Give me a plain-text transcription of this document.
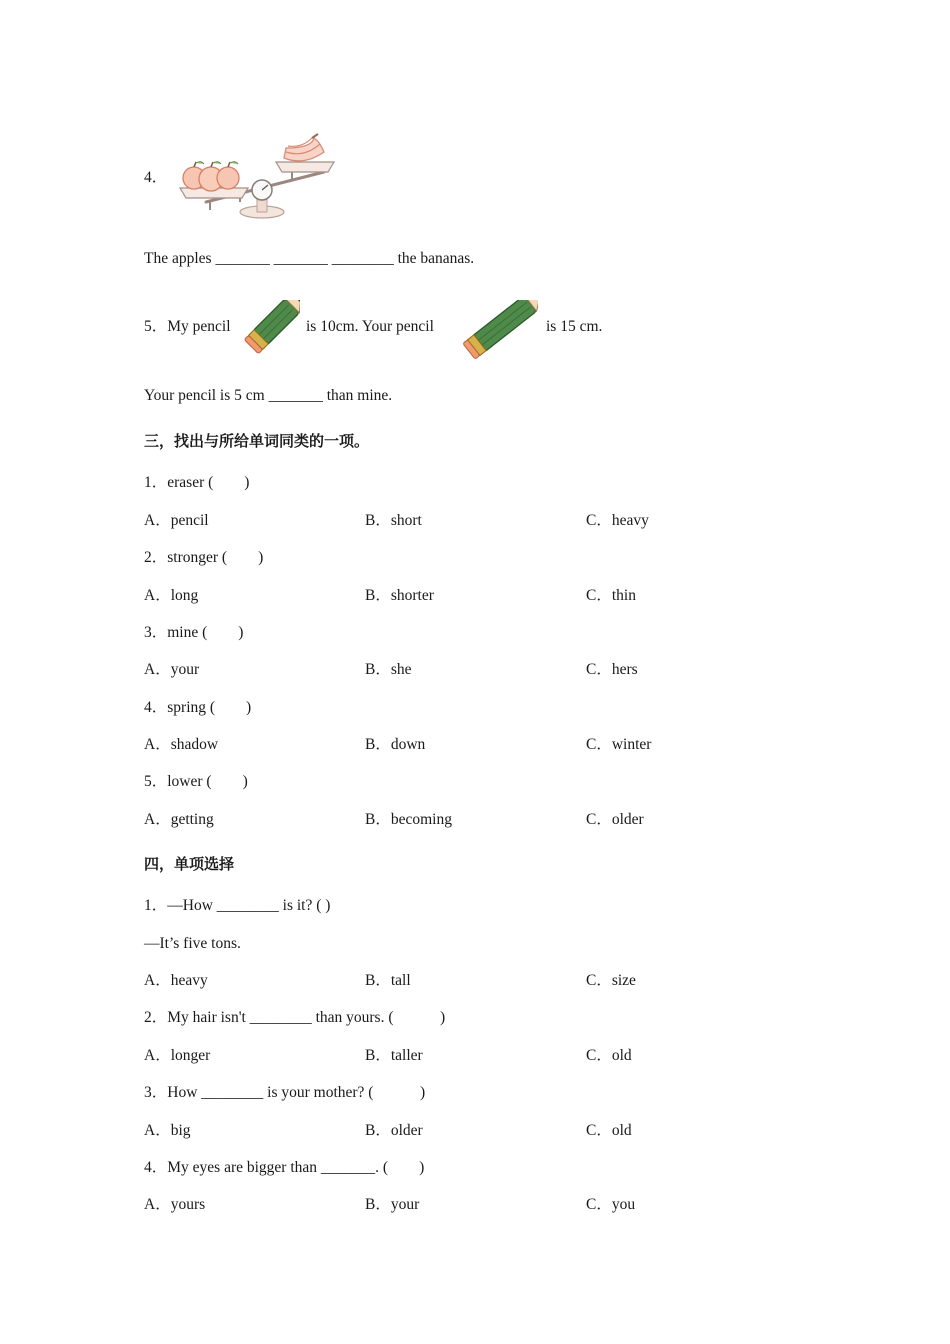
4．
The apples _______ _______ ________ the bananas.
5．My pencil	is 10cm. Your pencil	is 15 cm.
Your pencil is 5 cm _______ than mine.
三，找出与所给单词同类的一项。
1．eraser (　　)
A．pencil	B．short	C．heavy
2．stronger (　　)
A．long	B．shorter	C．thin
3．mine (　　)
A．your	B．she	C．hers
4．spring (　　)
A．shadow	B．down	C．winter
5．lower (　　)
A．getting	B．becoming	C．older
四，单项选择
1．—How ________ is it? ( )
—It’s five tons.
A．heavy	B．tall	C．size
2．My hair isn't ________ than yours. (　　　)
A．longer	B．taller	C．old
3．How ________ is your mother? (　　　)
A．big	B．older	C．old
4．My eyes are bigger than _______. (　　)
A．yours	B．your	C．you
